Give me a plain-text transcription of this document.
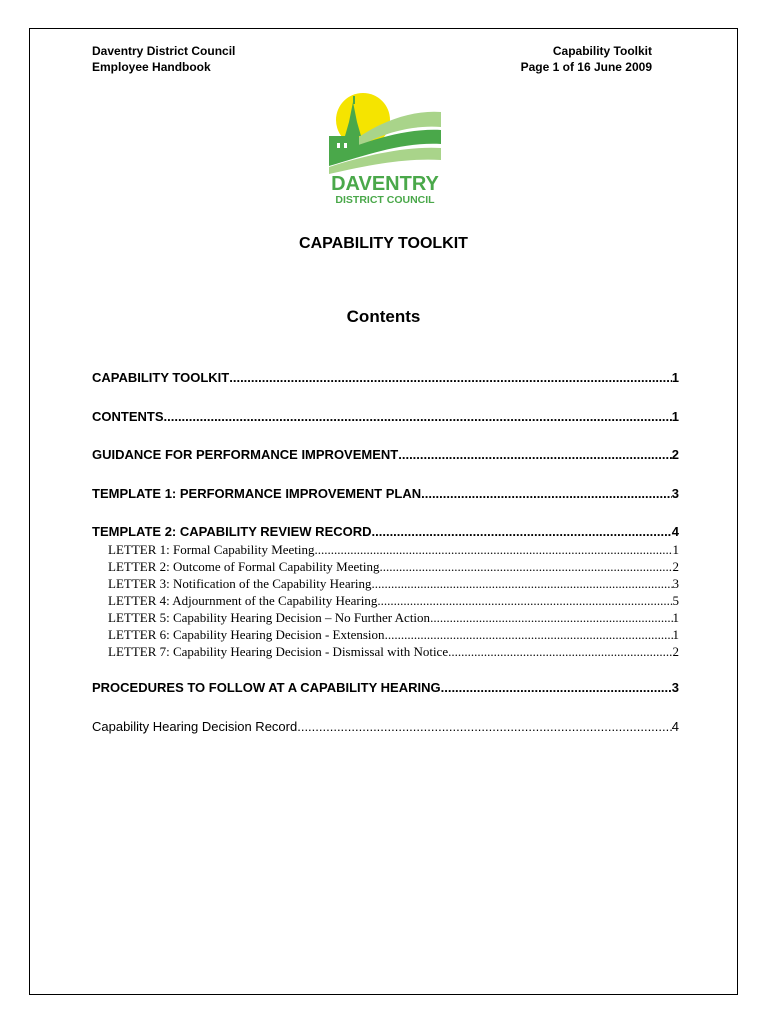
Daventry District Council
Employee Handbook
Capability Toolkit
Page 1 of 16 June 2009
DAVENTRY
DISTRICT COUNCIL
CAPABILITY TOOLKIT
Contents
CAPABILITY TOOLKIT .....	1
CONTENTS .....	1
GUIDANCE FOR PERFORMANCE IMPROVEMENT .....	2
TEMPLATE 1: PERFORMANCE IMPROVEMENT PLAN .....	3
TEMPLATE 2: CAPABILITY REVIEW RECORD .....	4
LETTER 1: Formal Capability Meeting .....	1
LETTER 2: Outcome of Formal Capability Meeting .....	2
LETTER 3: Notification of the Capability Hearing .....	3
LETTER 4: Adjournment of the Capability Hearing .....	5
LETTER 5: Capability Hearing Decision – No Further Action .....	1
LETTER 6: Capability Hearing Decision - Extension .....	1
LETTER 7: Capability Hearing Decision - Dismissal with Notice .....	2
PROCEDURES TO FOLLOW AT A CAPABILITY HEARING .....	3
Capability Hearing Decision Record .....	4
